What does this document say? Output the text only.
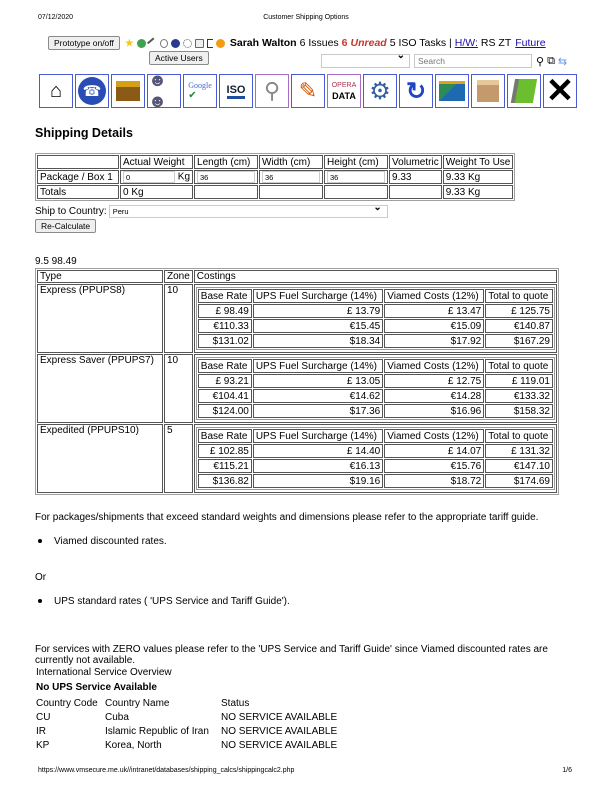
07/12/2020	Customer Shipping Options
Prototype on/off	Sarah Walton 6 Issues 6 Unread 5 ISO Tasks | H/W: RS ZT Future
Active Users ⌄
Search	⚲ ⧉ ⇆
⌂	☎
☻☻
Google
✔	ISO ⚲ ✎ OPERA
DATA ⚙ ↻	✕
Shipping Details
	Actual Weight	Length (cm)	Width (cm)	Height (cm)	Volumetric	Weight To Use
Package / Box 1	0Kg	36	36	36	9.33	9.33 Kg
Totals	0 Kg					9.33 Kg
Ship to Country: Peru ⌄
Re-Calculate
9.5 98.49
Type	Zone	Costings
Express (PPUPS8)	10	Base Rate	UPS Fuel Surcharge (14%)	Viamed Costs (12%)	Total to quote
£ 98.49	£ 13.79	£ 13.47	£ 125.75
€110.33	€15.45	€15.09	€140.87
$131.02	$18.34	$17.92	$167.29

Express Saver (PPUPS7)	10	Base Rate	UPS Fuel Surcharge (14%)	Viamed Costs (12%)	Total to quote
£ 93.21	£ 13.05	£ 12.75	£ 119.01
€104.41	€14.62	€14.28	€133.32
$124.00	$17.36	$16.96	$158.32

Expedited (PPUPS10)	5		Base Rate	UPS Fuel Surcharge (14%)	Viamed Costs (12%)	Total to quote
£ 102.85	£ 14.40	£ 14.07	£ 131.32
€115.21	€16.13	€15.76	€147.10
$136.82	$19.16	$18.72	$174.69
For packages/shipments that exceed standard weights and dimensions please refer to the appropriate tariff guide.
Viamed discounted rates.
Or
UPS standard rates ( 'UPS Service and Tariff Guide').
For services with ZERO values please refer to the 'UPS Service and Tariff Guide' since Viamed discounted rates are currently not available.
International Service Overview
No UPS Service Available
Country Code	Country Name	Status
CU	Cuba	NO SERVICE AVAILABLE
IR	Islamic Republic of Iran	NO SERVICE AVAILABLE
KP	Korea, North	NO SERVICE AVAILABLE
https://www.vmsecure.me.uk//intranet/databases/shipping_calcs/shippingcalc2.php	1/6
